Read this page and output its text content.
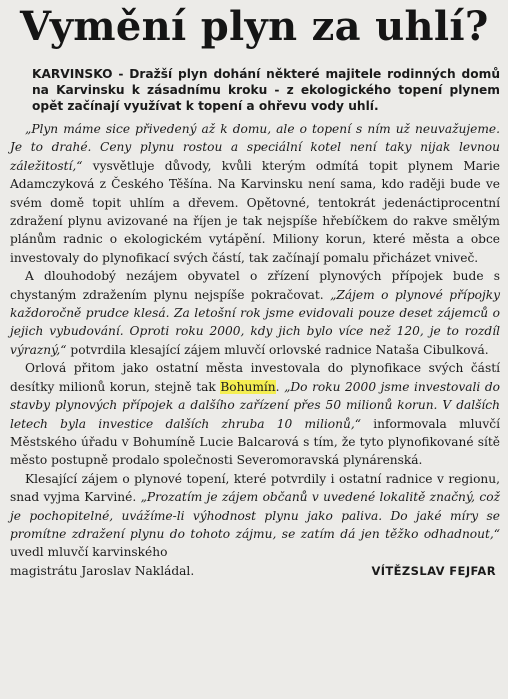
Vymění plyn za uhlí?
KARVINSKO - Dražší plyn dohání některé majitele rodinných domů na Karvinsku k zásadnímu kroku - z ekologického topení plynem opět začínají využívat k topení a ohřevu vody uhlí.

„Plyn máme sice přivedený až k domu, ale o topení s ním už neuvažujeme. Je to drahé. Ceny plynu rostou a speciální kotel není taky nijak levnou záležitostí,“ vysvětluje důvody, kvůli kterým odmítá topit plynem Marie Adamczyková z Českého Těšína. Na Karvinsku není sama, kdo raději bude ve svém domě topit uhlím a dřevem. Opětovné, tentokrát jedenáctiprocentní zdražení plynu avizované na říjen je tak nejspíše hřebíčkem do rakve smělým plánům radnic o ekologickém vytápění. Miliony korun, které města a obce investovaly do plynofikací svých částí, tak začínají pomalu přicházet vniveč.

A dlouhodobý nezájem obyvatel o zřízení plynových přípojek bude s chystaným zdražením plynu nejspíše pokračovat. „Zájem o plynové přípojky každoročně prudce klesá. Za letošní rok jsme evidovali pouze deset zájemců o jejich vybudování. Oproti roku 2000, kdy jich bylo více než 120, je to rozdíl výrazný,“ potvrdila klesající zájem mluvčí orlovské radnice Nataša Cibulková.

Orlová přitom jako ostatní města investovala do plynofikace svých částí desítky milionů korun, stejně tak Bohumín. „Do roku 2000 jsme investovali do stavby plynových přípojek a dalšího zařízení přes 50 milionů korun. V dalších letech byla investice dalších zhruba 10 milionů,“ informovala mluvčí Městského úřadu v Bohumíně Lucie Balcarová s tím, že tyto plynofikované sítě město postupně prodalo společnosti Severomoravská plynárenská.

Klesající zájem o plynové topení, které potvrdily i ostatní radnice v regionu, snad vyjma Karviné. „Prozatím je zájem občanů v uvedené lokalitě značný, což je pochopitelné, uvážíme-li výhodnost plynu jako paliva. Do jaké míry se promítne zdražení plynu do tohoto zájmu, se zatím dá jen těžko odhadnout,“ uvedl mluvčí karvinského

magistrátu Jaroslav Nakládal.	VÍTĚZSLAV FEJFAR
